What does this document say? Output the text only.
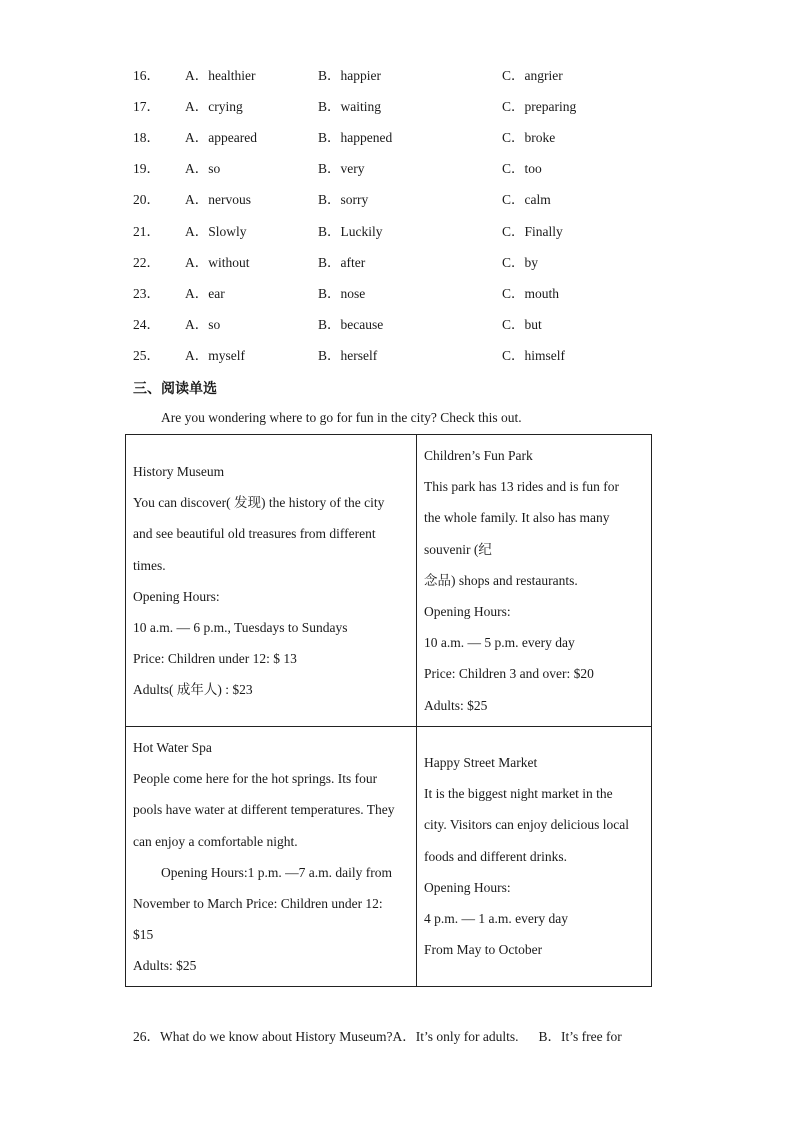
16． A．healthier	B．happier	C．angrier
17． A．crying	B．waiting	C．preparing
18． A．appeared	B．happened	C．broke
19． A．so	B．very	C．too
20． A．nervous	B．sorry	C．calm
21． A．Slowly	B．Luckily	C．Finally
22． A．without	B．after	C．by
23． A．ear	B．nose	C．mouth
24． A．so	B．because	C．but
25． A．myself	B．herself	C．himself
三、阅读单选
Are you wondering where to go for fun in the city? Check this out.
History Museum
You can discover( 发现) the history of the city
and see beautiful old treasures from different
times.
Opening Hours:
10 a.m. — 6 p.m., Tuesdays to Sundays
Price: Children under 12: $ 13
Adults( 成年人) : $23
Children’s Fun Park
This park has 13 rides and is fun for
the whole family. It also has many
souvenir (纪
念品) shops and restaurants.
Opening Hours:
10 a.m. — 5 p.m. every day
Price: Children 3 and over: $20
Adults: $25
Hot Water Spa
People come here for the hot springs. Its four
pools have water at different temperatures. They
can enjoy a comfortable night.
Opening Hours:1 p.m. —7 a.m. daily from
November to March Price: Children under 12:
$15
Adults: $25
Happy Street Market
It is the biggest night market in the
city. Visitors can enjoy delicious local
foods and different drinks.
Opening Hours:
4 p.m. — 1 a.m. every day
From May to October
26．What do we know about History Museum?A．It’s only for adults. B．It’s free for
